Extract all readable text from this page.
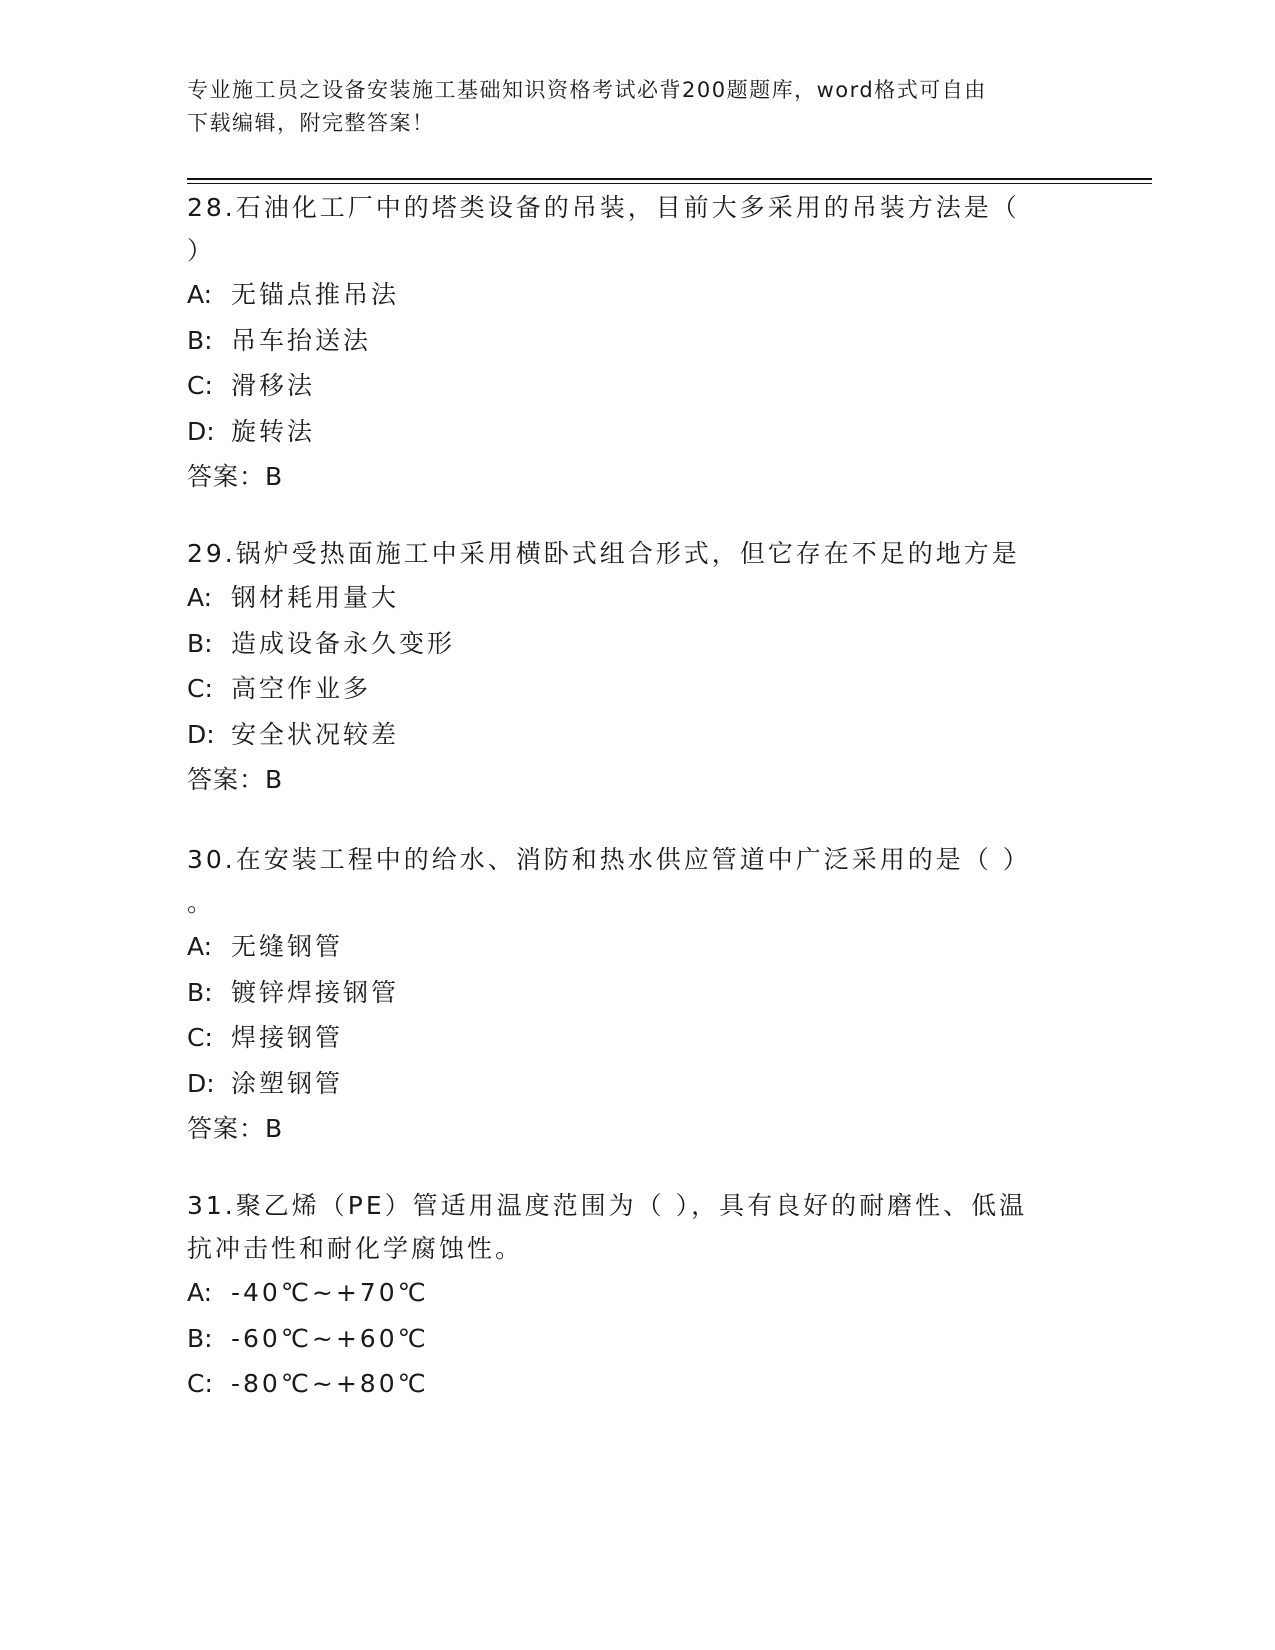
专业施工员之设备安装施工基础知识资格考试必背200题题库，word格式可自由
下载编辑，附完整答案！

28.石油化工厂中的塔类设备的吊装，目前大多采用的吊装方法是（
）

A: 无锚点推吊法

B: 吊车抬送法

C: 滑移法

D: 旋转法

答案：B

29.锅炉受热面施工中采用横卧式组合形式，但它存在不足的地方是

A: 钢材耗用量大

B: 造成设备永久变形

C: 高空作业多

D: 安全状况较差

答案：B

30.在安装工程中的给水、消防和热水供应管道中广泛采用的是（ ）
。

A: 无缝钢管

B: 镀锌焊接钢管

C: 焊接钢管

D: 涂塑钢管

答案：B

31.聚乙烯（PE）管适用温度范围为（ ），具有良好的耐磨性、低温
抗冲击性和耐化学腐蚀性。

A: -40℃~+70℃

B: -60℃~+60℃

C: -80℃~+80℃
